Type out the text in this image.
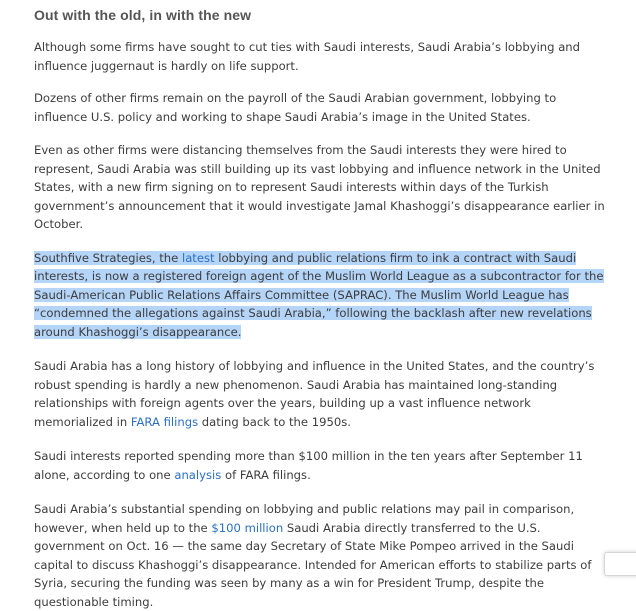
Out with the old, in with the new

Although some firms have sought to cut ties with Saudi interests, Saudi Arabia’s lobbying and influence juggernaut is hardly on life support.

Dozens of other firms remain on the payroll of the Saudi Arabian government, lobbying to influence U.S. policy and working to shape Saudi Arabia’s image in the United States.

Even as other firms were distancing themselves from the Saudi interests they were hired to represent, Saudi Arabia was still building up its vast lobbying and influence network in the United States, with a new firm signing on to represent Saudi interests within days of the Turkish government’s announcement that it would investigate Jamal Khashoggi’s disappearance earlier in October.

Southfive Strategies, the latest lobbying and public relations firm to ink a contract with Saudi interests, is now a registered foreign agent of the Muslim World League as a subcontractor for the Saudi-American Public Relations Affairs Committee (SAPRAC). The Muslim World League has “condemned the allegations against Saudi Arabia,” following the backlash after new revelations around Khashoggi’s disappearance.

Saudi Arabia has a long history of lobbying and influence in the United States, and the country’s robust spending is hardly a new phenomenon. Saudi Arabia has maintained long-standing relationships with foreign agents over the years, building up a vast influence network memorialized in FARA filings dating back to the 1950s.

Saudi interests reported spending more than $100 million in the ten years after September 11 alone, according to one analysis of FARA filings.

Saudi Arabia’s substantial spending on lobbying and public relations may pail in comparison, however, when held up to the $100 million Saudi Arabia directly transferred to the U.S. government on Oct. 16 — the same day Secretary of State Mike Pompeo arrived in the Saudi capital to discuss Khashoggi’s disappearance. Intended for American efforts to stabilize parts of Syria, securing the funding was seen by many as a win for President Trump, despite the questionable timing.
